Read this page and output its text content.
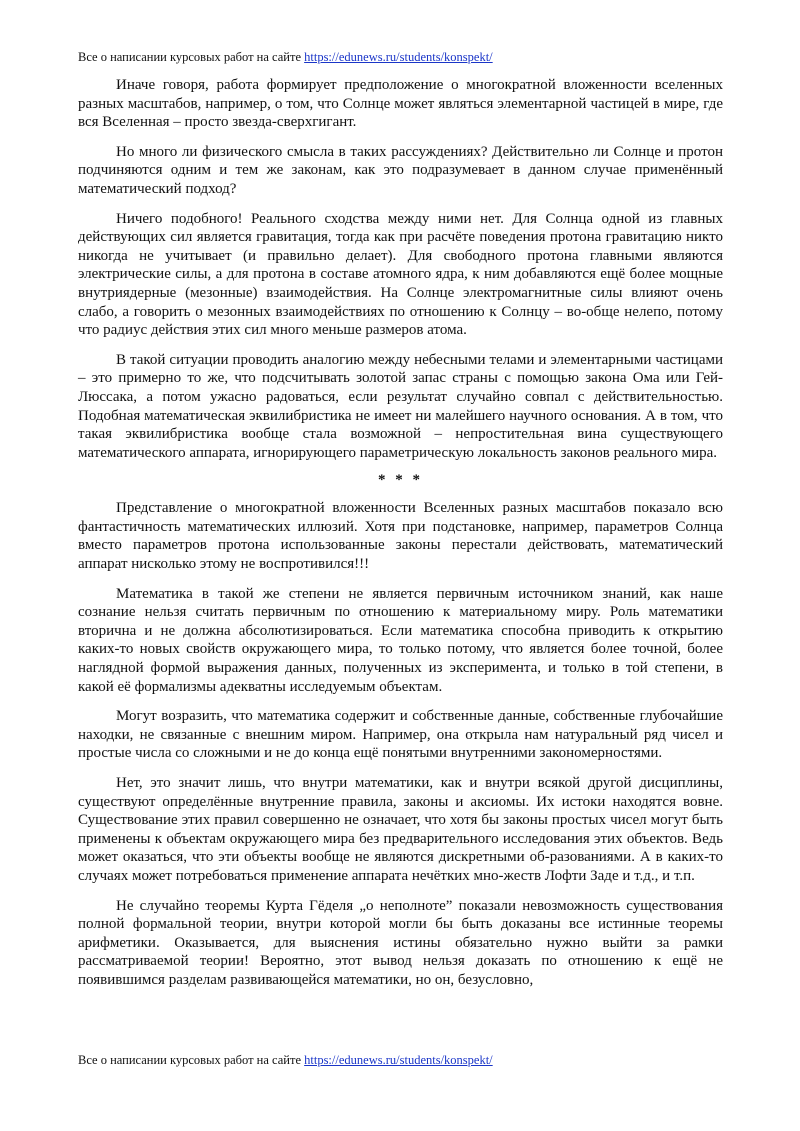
Все о написании курсовых работ на сайте https://edunews.ru/students/konspekt/

Иначе говоря, работа формирует предположение о многократной вложенности вселенных разных масштабов, например, о том, что Солнце может являться элементарной частицей в мире, где вся Вселенная – просто звезда-сверхгигант.

Но много ли физического смысла в таких рассуждениях? Действительно ли Солнце и протон подчиняются одним и тем же законам, как это подразумевает в данном случае применённый математический подход?

Ничего подобного! Реального сходства между ними нет. Для Солнца одной из главных действующих сил является гравитация, тогда как при расчёте поведения протона гравитацию никто никогда не учитывает (и правильно делает). Для свободного протона главными являются электрические силы, а для протона в составе атомного ядра, к ним добавляются ещё более мощные внутриядерные (мезонные) взаимодействия. На Солнце электромагнитные силы влияют очень слабо, а говорить о мезонных взаимодействиях по отношению к Солнцу – во-обще нелепо, потому что радиус действия этих сил много меньше размеров атома.

В такой ситуации проводить аналогию между небесными телами и элементарными частицами – это примерно то же, что подсчитывать золотой запас страны с помощью закона Ома или Гей-Люссака, а потом ужасно радоваться, если результат случайно совпал с действительностью. Подобная математическая эквилибристика не имеет ни малейшего научного основания. А в том, что такая эквилибристика вообще стала возможной – непростительная вина существующего математического аппарата, игнорирующего параметрическую локальность законов реального мира.

* * *

Представление о многократной вложенности Вселенных разных масштабов показало всю фантастичность математических иллюзий. Хотя при подстановке, например, параметров Солнца вместо параметров протона использованные законы перестали действовать, математический аппарат нисколько этому не воспротивился!!!

Математика в такой же степени не является первичным источником знаний, как наше сознание нельзя считать первичным по отношению к материальному миру. Роль математики вторична и не должна абсолютизироваться. Если математика способна приводить к открытию каких-то новых свойств окружающего мира, то только потому, что является более точной, более наглядной формой выражения данных, полученных из эксперимента, и только в той степени, в какой её формализмы адекватны исследуемым объектам.

Могут возразить, что математика содержит и собственные данные, собственные глубочайшие находки, не связанные с внешним миром. Например, она открыла нам натуральный ряд чисел и простые числа со сложными и не до конца ещё понятыми внутренними закономерностями.

Нет, это значит лишь, что внутри математики, как и внутри всякой другой дисциплины, существуют определённые внутренние правила, законы и аксиомы. Их истоки находятся вовне. Существование этих правил совершенно не означает, что хотя бы законы простых чисел могут быть применены к объектам окружающего мира без предварительного исследования этих объектов. Ведь может оказаться, что эти объекты вообще не являются дискретными об-разованиями. А в каких-то случаях может потребоваться применение аппарата нечётких мно-жеств Лофти Заде и т.д., и т.п.

Не случайно теоремы Курта Гёделя „о неполноте” показали невозможность существования полной формальной теории, внутри которой могли бы быть доказаны все истинные теоремы арифметики. Оказывается, для выяснения истины обязательно нужно выйти за рамки рассматриваемой теории! Вероятно, этот вывод нельзя доказать по отношению к ещё не появившимся разделам развивающейся математики, но он, безусловно,

Все о написании курсовых работ на сайте https://edunews.ru/students/konspekt/
